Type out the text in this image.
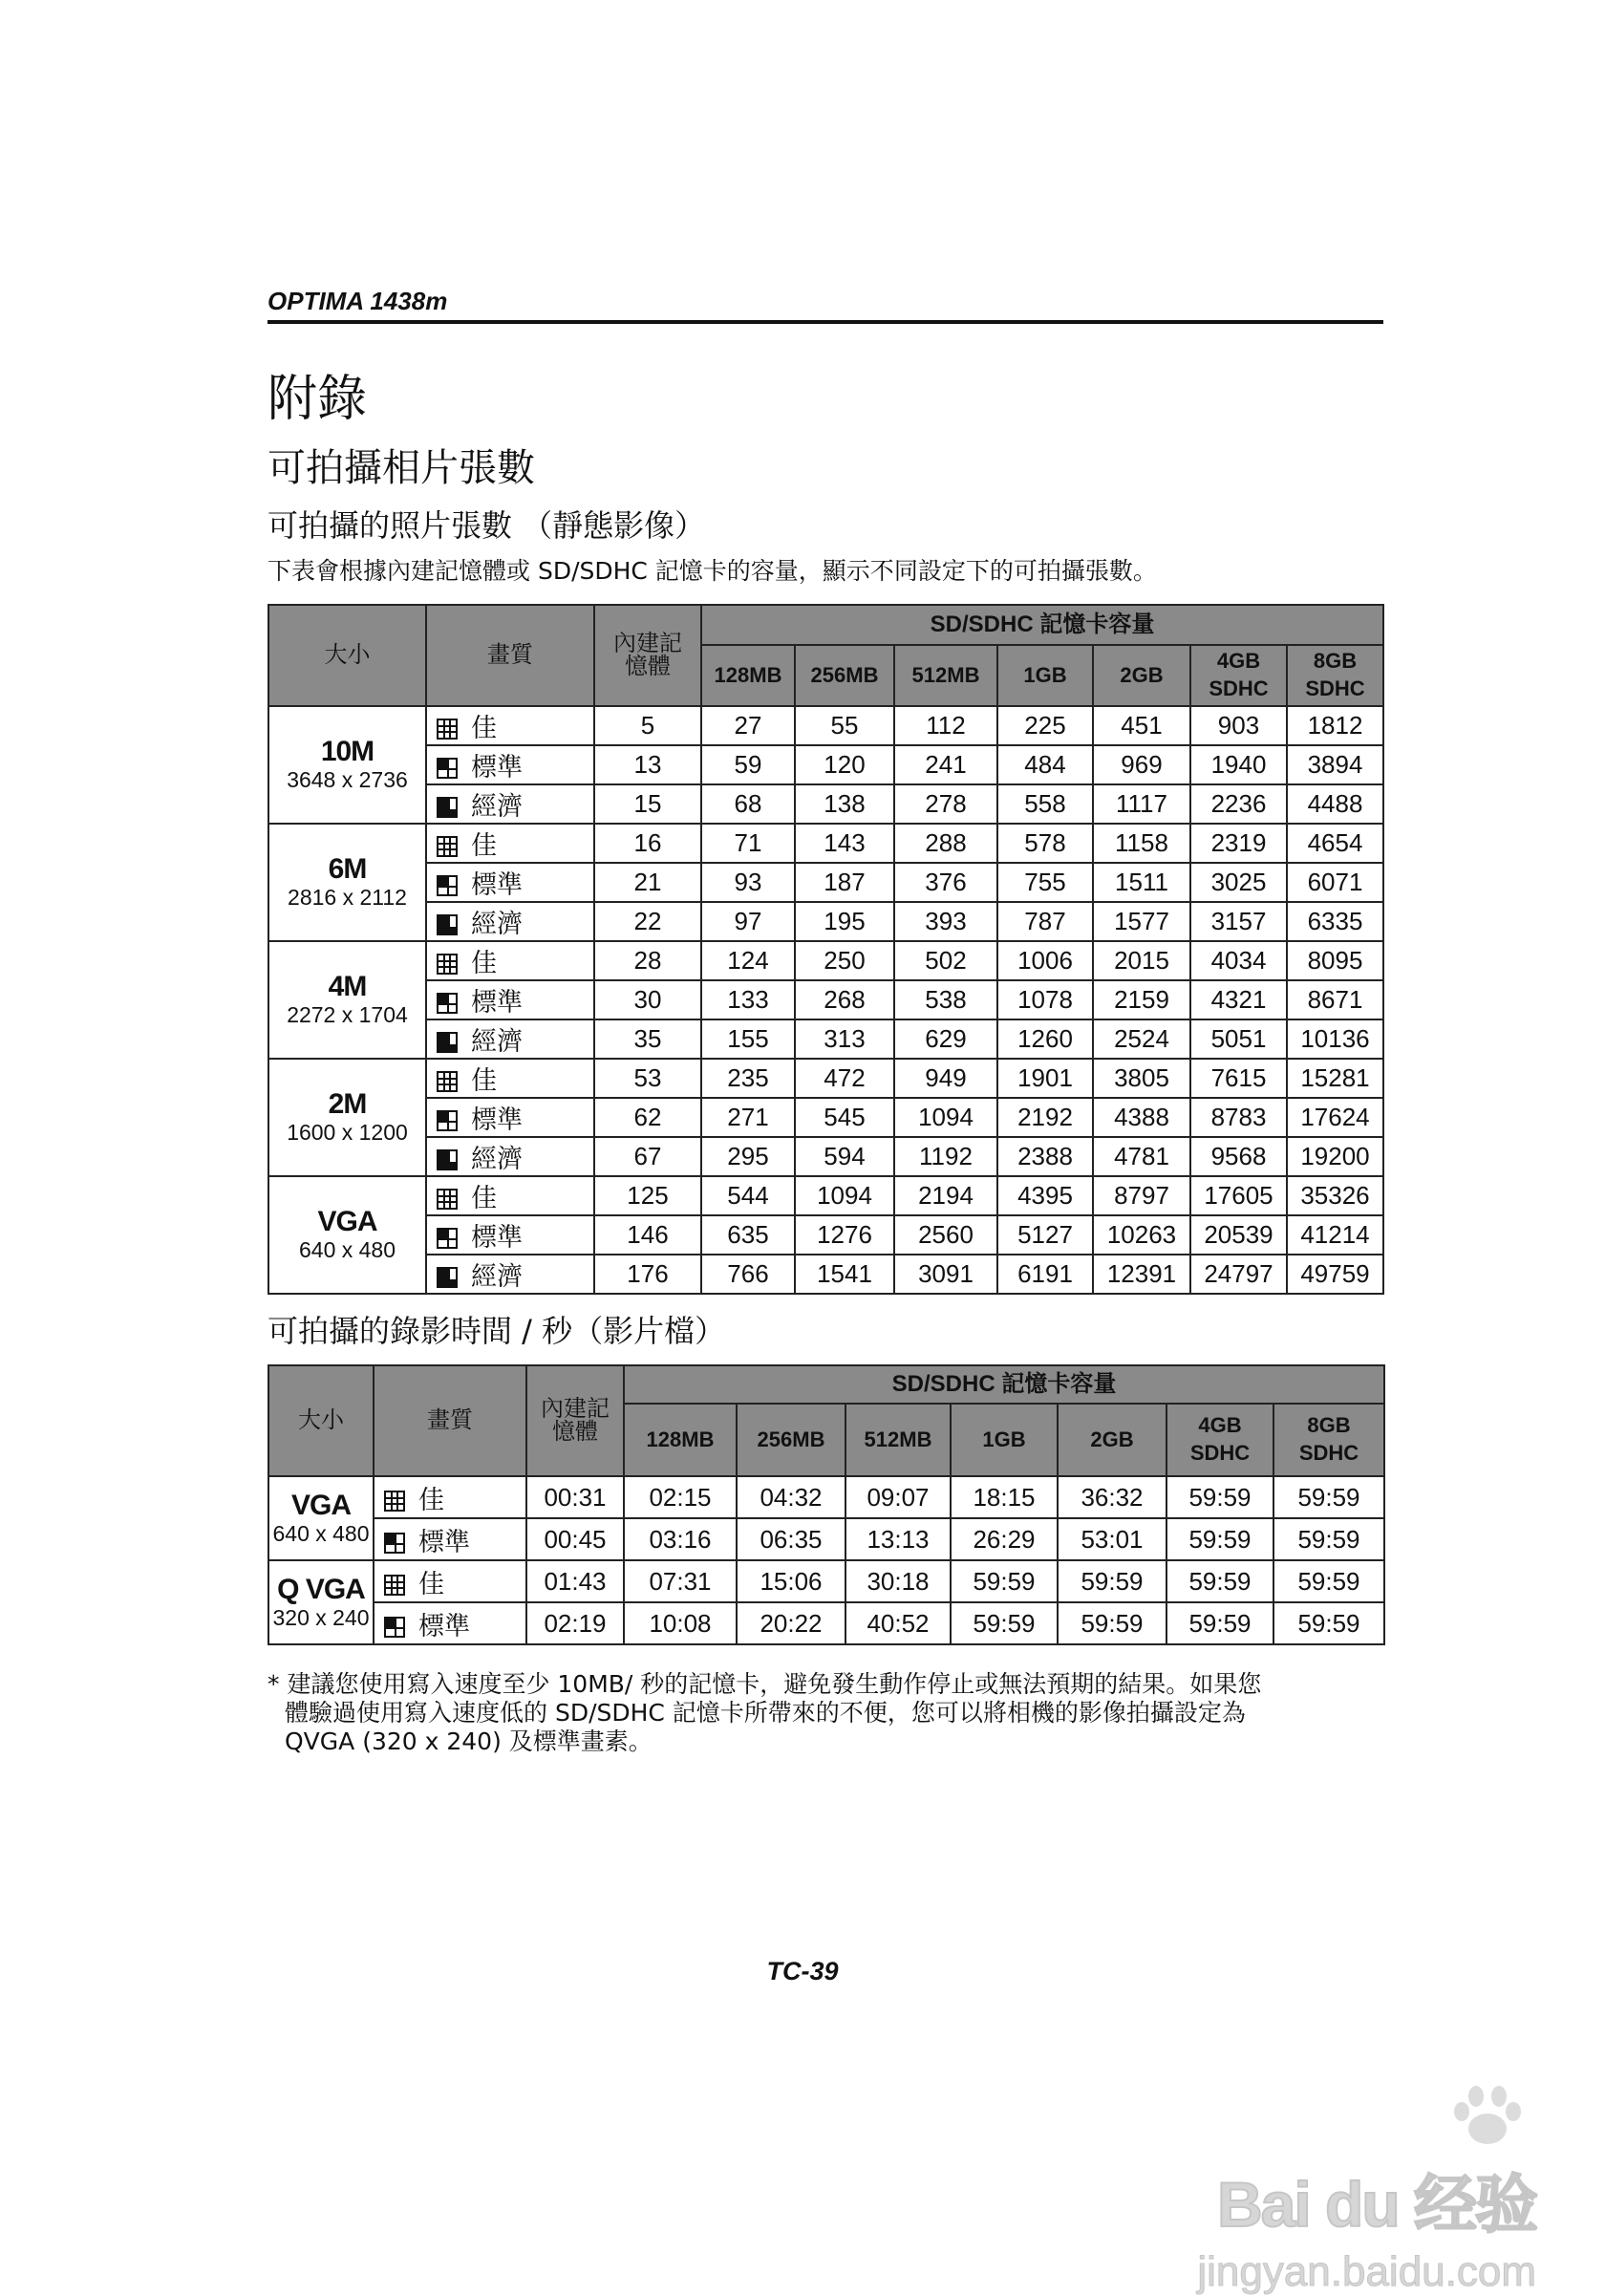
OPTIMA 1438m
附錄
可拍攝相片張數
可拍攝的照片張數 （靜態影像）

下表會根據內建記憶體或 SD/SDHC 記憶卡的容量，顯示不同設定下的可拍攝張數。

大小	畫質	內建記
憶體	SD/SDHC 記憶卡容量						
			128MB	256MB	512MB	1GB	2GB	4GB
SDHC	8GB
SDHC

10M
3648 x 2736	佳	5	27	55	112	225	451	903	1812
	標準	13	59	120	241	484	969	1940	3894
	經濟	15	68	138	278	558	1117	2236	4488

6M
2816 x 2112	佳	16	71	143	288	578	1158	2319	4654
	標準	21	93	187	376	755	1511	3025	6071
	經濟	22	97	195	393	787	1577	3157	6335

4M
2272 x 1704	佳	28	124	250	502	1006	2015	4034	8095
	標準	30	133	268	538	1078	2159	4321	8671
	經濟	35	155	313	629	1260	2524	5051	10136

2M
1600 x 1200	佳	53	235	472	949	1901	3805	7615	15281
	標準	62	271	545	1094	2192	4388	8783	17624
	經濟	67	295	594	1192	2388	4781	9568	19200

VGA
640 x 480	佳	125	544	1094	2194	4395	8797	17605	35326
	標準	146	635	1276	2560	5127	10263	20539	41214
	經濟	176	766	1541	3091	6191	12391	24797	49759
可拍攝的錄影時間 / 秒（影片檔）
大小	畫質	內建記
憶體	SD/SDHC 記憶卡容量						
			128MB	256MB	512MB	1GB	2GB	4GB
SDHC	8GB
SDHC

VGA
640 x 480	佳	00:31	02:15	04:32	09:07	18:15	36:32	59:59	59:59
	標準	00:45	03:16	06:35	13:13	26:29	53:01	59:59	59:59

Q VGA
320 x 240	佳	01:43	07:31	15:06	30:18	59:59	59:59	59:59	59:59
	標準	02:19	10:08	20:22	40:52	59:59	59:59	59:59	59:59

* 建議您使用寫入速度至少 10MB/ 秒的記憶卡，避免發生動作停止或無法預期的結果。如果您
體驗過使用寫入速度低的 SD/SDHC 記憶卡所帶來的不便，您可以將相機的影像拍攝設定為
QVGA (320 x 240) 及標準畫素。

TC-39
Bai du 经验
jingyan.baidu.com
